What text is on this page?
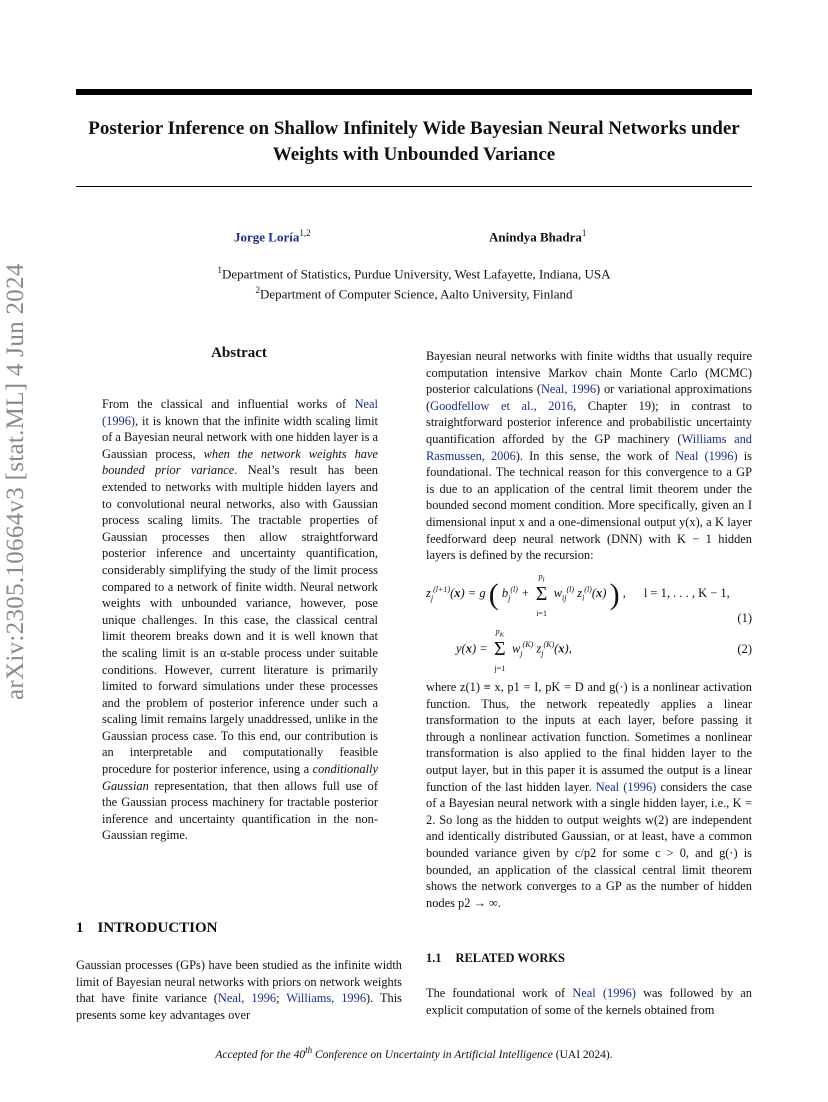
arXiv:2305.10664v3 [stat.ML] 4 Jun 2024
Posterior Inference on Shallow Infinitely Wide Bayesian Neural Networks under Weights with Unbounded Variance
Jorge Loría$^{1,2}$	Anindya Bhadra$^1$
$^1$Department of Statistics, Purdue University, West Lafayette, Indiana, USA
$^2$Department of Computer Science, Aalto University, Finland
Abstract

From the classical and influential works of Neal (1996), it is known that the infinite width scaling limit of a Bayesian neural network with one hidden layer is a Gaussian process, when the network weights have bounded prior variance. Neal’s result has been extended to networks with multiple hidden layers and to convolutional neural networks, also with Gaussian process scaling limits. The tractable properties of Gaussian processes then allow straightforward posterior inference and uncertainty quantification, considerably simplifying the study of the limit process compared to a network of finite width. Neural network weights with unbounded variance, however, pose unique challenges. In this case, the classical central limit theorem breaks down and it is well known that the scaling limit is an α-stable process under suitable conditions. However, current literature is primarily limited to forward simulations under these processes and the problem of posterior inference under such a scaling limit remains largely unaddressed, unlike in the Gaussian process case. To this end, our contribution is an interpretable and computationally feasible procedure for posterior inference, using a conditionally Gaussian representation, that then allows full use of the Gaussian process machinery for tractable posterior inference and uncertainty quantification in the non-Gaussian regime.

1 INTRODUCTION

Gaussian processes (GPs) have been studied as the infinite width limit of Bayesian neural networks with priors on network weights that have finite variance (Neal, 1996; Williams, 1996). This presents some key advantages over

Bayesian neural networks with finite widths that usually require computation intensive Markov chain Monte Carlo (MCMC) posterior calculations (Neal, 1996) or variational approximations (Goodfellow et al., 2016, Chapter 19); in contrast to straightforward posterior inference and probabilistic uncertainty quantification afforded by the GP machinery (Williams and Rasmussen, 2006). In this sense, the work of Neal (1996) is foundational. The technical reason for this convergence to a GP is due to an application of the central limit theorem under the bounded second moment condition. More specifically, given an I dimensional input x and a one-dimensional output y(x), a K layer feedforward deep neural network (DNN) with K − 1 hidden layers is defined by the recursion:

$z_j^{(l+1)}(x) = g$ ( $b_j^{(l)}$ +
$p_l$
Σ
i=1
$w_{ij}^{(l)}$ $z_i^{(l)}(x)$ ) , l = 1, . . . , K − 1,
(1)
y(x) =
$p_K$
Σ
j=1
$w_j^{(K)}$ $z_j^{(K)}(x)$,	(2)

where z(1) ≡ x, p1 = I, pK = D and g(·) is a nonlinear activation function. Thus, the network repeatedly applies a linear transformation to the inputs at each layer, before passing it through a nonlinear activation function. Sometimes a nonlinear transformation is also applied to the final hidden layer to the output layer, but in this paper it is assumed the output is a linear function of the last hidden layer. Neal (1996) considers the case of a Bayesian neural network with a single hidden layer, i.e., K = 2. So long as the hidden to output weights w(2) are independent and identically distributed Gaussian, or at least, have a common bounded variance given by c/p2 for some c > 0, and g(·) is bounded, an application of the classical central limit theorem shows the network converges to a GP as the number of hidden nodes p2 → ∞.

1.1 RELATED WORKS

The foundational work of Neal (1996) was followed by an explicit computation of some of the kernels obtained from

Accepted for the 40th Conference on Uncertainty in Artificial Intelligence (UAI 2024).
